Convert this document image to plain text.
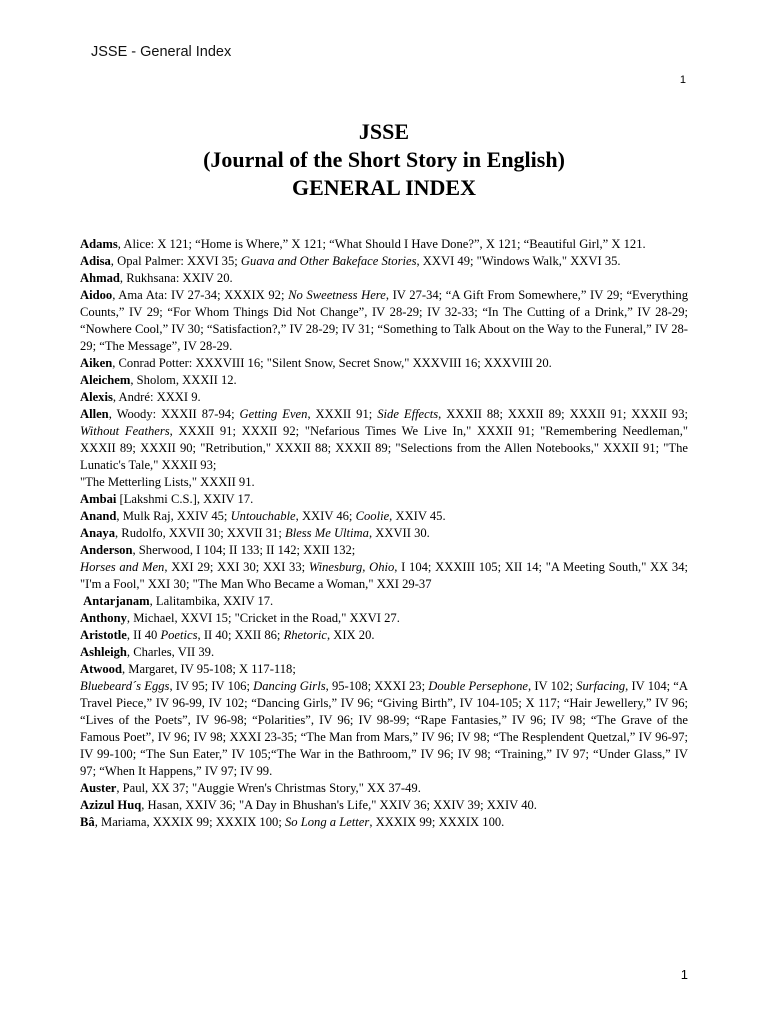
JSSE - General Index
1
JSSE
(Journal of the Short Story in English)
GENERAL INDEX
Adams, Alice: X 121; “Home is Where,” X 121; “What Should I Have Done?”, X 121; “Beautiful Girl,” X 121.
Adisa, Opal Palmer: XXVI 35; Guava and Other Bakeface Stories, XXVI 49; "Windows Walk," XXVI 35.
Ahmad, Rukhsana: XXIV 20.
Aidoo, Ama Ata: IV 27-34; XXXIX 92; No Sweetness Here, IV 27-34; “A Gift From Somewhere,” IV 29; “Everything Counts,” IV 29; “For Whom Things Did Not Change”, IV 28-29; IV 32-33; “In The Cutting of a Drink,” IV 28-29; “Nowhere Cool,” IV 30; “Satisfaction?,” IV 28-29; IV 31; “Something to Talk About on the Way to the Funeral,” IV 28-29; “The Message”, IV 28-29.
Aiken, Conrad Potter: XXXVIII 16; "Silent Snow, Secret Snow," XXXVIII 16; XXXVIII 20.
Aleichem, Sholom, XXXII 12.
Alexis, André: XXXI 9.
Allen, Woody: XXXII 87-94; Getting Even, XXXII 91; Side Effects, XXXII 88; XXXII 89; XXXII 91; XXXII 93; Without Feathers, XXXII 91; XXXII 92; "Nefarious Times We Live In," XXXII 91; "Remembering Needleman," XXXII 89; XXXII 90; "Retribution," XXXII 88; XXXII 89; "Selections from the Allen Notebooks," XXXII 91; "The Lunatic's Tale," XXXII 93;
"The Metterling Lists," XXXII 91.
Ambai [Lakshmi C.S.], XXIV 17.
Anand, Mulk Raj, XXIV 45; Untouchable, XXIV 46; Coolie, XXIV 45.
Anaya, Rudolfo, XXVII 30; XXVII 31; Bless Me Ultima, XXVII 30.
Anderson, Sherwood, I 104; II 133; II 142; XXII 132;
Horses and Men, XXI 29; XXI 30; XXI 33; Winesburg, Ohio, I 104; XXXIII 105; XII 14; "A Meeting South," XX 34; "I'm a Fool," XXI 30; "The Man Who Became a Woman," XXI 29-37
Antarjanam, Lalitambika, XXIV 17.
Anthony, Michael, XXVI 15; "Cricket in the Road," XXVI 27.
Aristotle, II 40 Poetics, II 40; XXII 86; Rhetoric, XIX 20.
Ashleigh, Charles, VII 39.
Atwood, Margaret, IV 95-108; X 117-118;
Bluebeard´s Eggs, IV 95; IV 106; Dancing Girls, 95-108; XXXI 23; Double Persephone, IV 102; Surfacing, IV 104; “A Travel Piece,” IV 96-99, IV 102; “Dancing Girls,” IV 96; “Giving Birth”, IV 104-105; X 117; “Hair Jewellery,” IV 96; “Lives of the Poets”, IV 96-98; “Polarities”, IV 96; IV 98-99; “Rape Fantasies,” IV 96; IV 98; “The Grave of the Famous Poet”, IV 96; IV 98; XXXI 23-35; “The Man from Mars,” IV 96; IV 98; “The Resplendent Quetzal,” IV 96-97; IV 99-100; “The Sun Eater,” IV 105;“The War in the Bathroom,” IV 96; IV 98; “Training,” IV 97; “Under Glass,” IV 97; “When It Happens,” IV 97; IV 99.
Auster, Paul, XX 37; "Auggie Wren's Christmas Story," XX 37-49.
Azizul Huq, Hasan, XXIV 36; "A Day in Bhushan's Life," XXIV 36; XXIV 39; XXIV 40.
Bâ, Mariama, XXXIX 99; XXXIX 100; So Long a Letter, XXXIX 99; XXXIX 100.
1
